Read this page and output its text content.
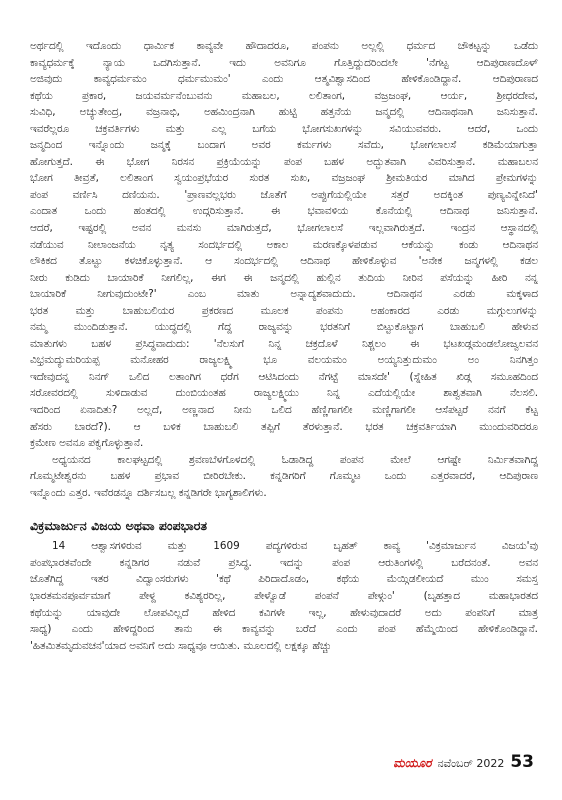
ಅರ್ಥದಲ್ಲಿ ಇದೊಂದು ಧಾರ್ಮಿಕ ಕಾವ್ಯವೇ ಹೌದಾದರೂ, ಪಂಪನು ಅಲ್ಲಲ್ಲಿ ಧರ್ಮದ ಚೌಕಟ್ಟನ್ನು ಒಡೆದು
ಕಾವ್ಯಧರ್ಮಕ್ಕೆ ನ್ಯಾಯ ಒದಗಿಸುತ್ತಾನೆ. ಇದು ಅವನಿಗೂ ಗೊತ್ತಿದ್ದುದರಿಂದಲೇ 'ನೆಗಟ್ಟ ಆದಿಪುರಾಣದೊಳ್
ಅಜಿವುದು ಕಾವ್ಯಧರ್ಮಮಂ ಧರ್ಮಮುಮಂ' ಎಂದು ಆತ್ಮವಿಶ್ವಾಸದಿಂದ ಹೇಳಿಕೊಂಡಿದ್ದಾನೆ. ಆದಿಪುರಾಣದ
ಕಥೆಯ ಪ್ರಕಾರ, ಜಯವರ್ಮನೆಂಬುವನು ಮಹಾಬಲ, ಲಲಿತಾಂಗ, ವಜ್ರಜಂಘ, ಆರ್ಯ, ಶ್ರೀಧರದೇವ,
ಸುವಿಧಿ, ಅಚ್ಯುತೇಂದ್ರ, ವಜ್ರನಾಭಿ, ಅಹಮಿಂದ್ರನಾಗಿ ಹುಟ್ಟಿ ಹತ್ತನೆಯ ಜನ್ಮದಲ್ಲಿ ಆದಿನಾಥನಾಗಿ ಜನಿಸುತ್ತಾನೆ.
ಇವರೆಲ್ಲರೂ ಚಕ್ರವರ್ತಿಗಳು ಮತ್ತು ಎಲ್ಲ ಬಗೆಯ ಭೋಗಸುಖಗಳನ್ನು ಸವಿಯುವವರು. ಆದರೆ, ಒಂದು
ಜನ್ಮದಿಂದ ಇನ್ನೊಂದು ಜನ್ಮಕ್ಕೆ ಬಂದಾಗ ಅವರ ಕರ್ಮಗಳು ಸವೆದು, ಭೋಗಲಾಲಸೆ ಕಡಿಮೆಯಾಗುತ್ತಾ
ಹೋಗುತ್ತದೆ. ಈ ಭೋಗ ನಿರಸನ ಪ್ರಕ್ರಿಯೆಯನ್ನು ಪಂಪ ಬಹಳ ಅದ್ಭುತವಾಗಿ ವಿವರಿಸುತ್ತಾನೆ. ಮಹಾಬಲನ
ಭೋಗ ತೀವ್ರತೆ, ಲಲಿತಾಂಗ ಸ್ವಯಂಪ್ರಭೆಯರ ಸುರತ ಸುಖ, ವಜ್ರಜಂಘ ಶ್ರೀಮತಿಯರ ಮಾಗಿದ ಪ್ರೇಮಗಳನ್ನು
ಪಂಪ ವರ್ಣಿಸಿ ದಣಿಯನು. 'ಪ್ರಾಣವಲ್ಲಭರು ಜೊತೆಗೆ ಅಪ್ಪುಗೆಯಲ್ಲಿಯೇ ಸತ್ತರೆ ಅದಕ್ಕಿಂತ ಪುಣ್ಯವಿನ್ನೇನಿದೆ'
ಎಂದಾತ ಒಂದು ಹಂತದಲ್ಲಿ ಉದ್ಗರಿಸುತ್ತಾನೆ. ಈ ಭವಾವಳಿಯ ಕೊನೆಯಲ್ಲಿ ಆದಿನಾಥ ಜನಿಸುತ್ತಾನೆ.
ಆದರೆ, ಇಷ್ಟರಲ್ಲಿ ಅವನ ಮನಸು ಮಾಗಿರುತ್ತದೆ, ಭೋಗಲಾಲಸೆ ಇಲ್ಲವಾಗಿರುತ್ತದೆ. ಇಂದ್ರನ ಆಸ್ಥಾನದಲ್ಲಿ
ನಡೆಯುವ ನೀಲಾಂಜನೆಯ ನೃತ್ಯ ಸಂದರ್ಭದಲ್ಲಿ ಅಕಾಲ ಮರಣಕ್ಕೊಳಪಡುವ ಆಕೆಯನ್ನು ಕಂಡು ಆದಿನಾಥನ
ಲೌಕಿಕದ ತೊಟ್ಟು ಕಳಚಿಕೊಳ್ಳುತ್ತಾನೆ. ಆ ಸಂದರ್ಭದಲ್ಲಿ ಆದಿನಾಥ ಹೇಳಿಕೊಳ್ಳುವ 'ಅನೇಕ ಜನ್ಮಗಳಲ್ಲಿ ಕಡಲ
ನೀರು ಕುಡಿದು ಬಾಯಾರಿಕೆ ನೀಗಲಿಲ್ಲ, ಈಗ ಈ ಜನ್ಮದಲ್ಲಿ ಹುಲ್ಲಿನ ತುದಿಯ ನೀರಿನ ಪಸೆಯನ್ನು ಹೀರಿ ನನ್ನ
ಬಾಯಾರಿಕೆ ನೀಗುವುದುಂಟೇ?' ಎಂಬ ಮಾತು ಅನ್ನಾದ್ಯಶವಾದುದು. ಆದಿನಾಥನ ಎರಡು ಮಕ್ಕಳಾದ
ಭರತ ಮತ್ತು ಬಾಹುಬಲಿಯರ ಪ್ರಕರಣದ ಮೂಲಕ ಪಂಪನು ಅಹಂಕಾರದ ಎರಡು ಮಗ್ಗುಲುಗಳನ್ನು
ನಮ್ಮ ಮುಂದಿಡುತ್ತಾನೆ. ಯುದ್ಧದಲ್ಲಿ ಗೆದ್ದ ರಾಜ್ಯವನ್ನು ಭರತನಿಗೆ ಬಿಟ್ಟುಕೊಟ್ಟಾಗ ಬಾಹುಬಲಿ ಹೇಳುವ
ಮಾತುಗಳು ಬಹಳ ಪ್ರಸಿದ್ಧವಾದುದು: 'ನೆಲಸುಗೆ ನಿನ್ನ ಚಕ್ರದೊಳೆ ನಿಶ್ಚಲಂ ಈ ಭಟಖಡ್ಗಮಂಡಲೋಜ್ವಲವನ
ವಿಭ್ರಮದ್ಯುಮರಿಯಪ್ಪ ಮನೋಹರ ರಾಜ್ಯಲಕ್ಷ್ಮಿ ಭೂ ವಲಯಮಂ ಅಯ್ಯನಿತ್ತುದುಮಂ ಅಂ ನಿನಗಿತ್ತಂ
ಇದೇವುದನ್ನ ನಿನಗ್ ಒಲಿದ ಲತಾಂಗಿಗ ಧರೆಗ ಆಟಿಸಿದಂದು ನೆಗಟ್ಟೆ ಮಾಸದೇ' (ಸ್ನೇಹಿತ ಖಿಡ್ಗ ಸಮೂಹದಿಂದ
ಸರೋವರದಲ್ಲಿ ಸುಳಿದಾಡುವ ದುಂಬಿಯಂತಹ ರಾಜ್ಯಲಕ್ಷ್ಮಿಯು ನಿನ್ನ ಎದೆಯಲ್ಲಿಯೇ ಶಾಶ್ವತವಾಗಿ ನೆಲಸಲಿ.
ಇದರಿಂದ ಏನಾದಿತು? ಅಲ್ಲದೆ, ಅಣ್ಣನಾದ ನೀನು ಒಲಿದ ಹೆಣ್ಣಿಗಾಗಲೀ ಮಣ್ಣಿಗಾಗಲೀ ಆಸೆಪಟ್ಟರೆ ನನಗೆ ಕೆಟ್ಟ
ಹೆಸರು ಬಾರದೆ?). ಆ ಬಳಿಕ ಬಾಹುಬಲಿ ತಪ್ಪಿಗೆ ತೆರಳುತ್ತಾನೆ. ಭರತ ಚಕ್ರವರ್ತಿಯಾಗಿ ಮುಂದುವರಿದರೂ
ಕ್ರಮೇಣ ಅವನೂ ಪಕ್ವಗೊಳ್ಳುತ್ತಾನೆ.
ಅಧ್ಯಯನದ ಕಾಲಘಟ್ಟದಲ್ಲಿ ಶ್ರವಣಬೆಳಗೊಳದಲ್ಲಿ ಓಡಾಡಿದ್ದ ಪಂಪನ ಮೇಲೆ ಆಗಷ್ಟೇ ನಿರ್ಮಿತವಾಗಿದ್ದ
ಗೊಮ್ಮಟೇಶ್ವರನು ಬಹಳ ಪ್ರಭಾವ ಬೀರಿರಬೇಕು. ಕನ್ನಡಿಗರಿಗೆ ಗೊಮ್ಮಟ ಒಂದು ಎತ್ತರವಾದರೆ, ಆದಿಪುರಾಣ
ಇನ್ನೊಂದು ಎತ್ತರ. ಇವೆರಡನ್ನೂ ದರ್ಶಿಸಬಲ್ಲ ಕನ್ನಡಿಗರೇ ಭಾಗ್ಯಶಾಲಿಗಳು.
ವಿಕ್ರಮಾರ್ಜುನ ವಿಜಯ ಅಥವಾ ಪಂಪಭಾರತ
14 ಆಶ್ವಾಸಗಳಿರುವ ಮತ್ತು 1609 ಪದ್ಯಗಳಿರುವ ಬೃಹತ್ ಕಾವ್ಯ 'ವಿಕ್ರಮಾರ್ಜುನ ವಿಜಯ'ವು
ಪಂಪಭಾರತವೆಂದೇ ಕನ್ನಡಿಗರ ನಡುವೆ ಪ್ರಸಿದ್ಧ. ಇದನ್ನು ಪಂಪ ಆರುತಿಂಗಳಲ್ಲಿ ಬರೆದನಂತೆ. ಅವನ
ಜೊತೆಗಿದ್ದ ಇತರ ವಿದ್ವಾಂಸರುಗಳು 'ಕಥೆ ಪಿರಿದಾದೊಡಂ, ಕಥೆಯ ಮೆಯ್ಗಿಡಲೀಯದೆ ಮುಂ ಸಮಸ್ತ
ಭಾರತಮನಪೂರ್ವಮಾಗೆ ಪೇಳ್ದ ಕವಿಶ್ಯರರಿಲ್ಲ, ಪೇಳ್ವೊಡೆ ಪಂಪನೆ ಪೇಳ್ಗುಂ' (ಬೃಹತ್ತಾದ ಮಹಾಭಾರತದ
ಕಥೆಯನ್ನು ಯಾವುದೇ ಲೋಪವಿಲ್ಲದೆ ಹೇಳಿದ ಕವಿಗಳೇ ಇಲ್ಲ, ಹೇಳುವುದಾದರೆ ಅದು ಪಂಪನಿಗೆ ಮಾತ್ರ
ಸಾಧ್ಯ) ಎಂದು ಹೇಳಿದ್ದರಿಂದ ತಾನು ಈ ಕಾವ್ಯವನ್ನು ಬರೆದೆ ಎಂದು ಪಂಪ ಹೆಮ್ಮೆಯಿಂದ ಹೇಳಿಕೊಂಡಿದ್ದಾನೆ.
'ಹಿತಮಿತಮೃದುವಚನ'ಯಾದ ಅವನಿಗೆ ಅದು ಸಾಧ್ಯವೂ ಆಯಿತು. ಮೂಲದಲ್ಲಿ ಲಕ್ಷಕ್ಕೂ ಹೆಚ್ಚು
ಮಯೂರ ನವೆಂಬರ್ 2022 53
